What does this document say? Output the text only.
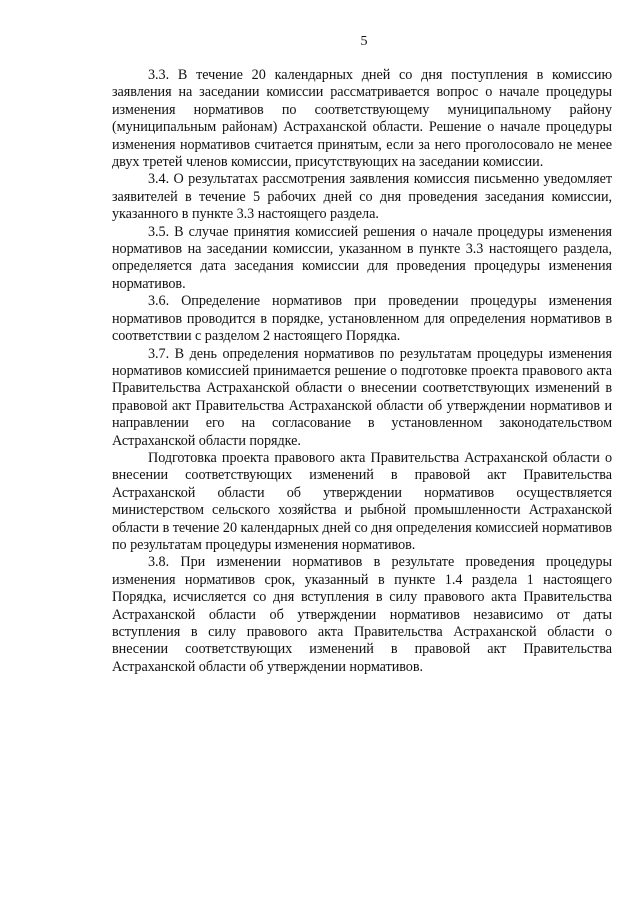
5

3.3. В течение 20 календарных дней со дня поступления в комиссию заявления на заседании комиссии рассматривается вопрос о начале процедуры изменения нормативов по соответствующему муниципальному району (муниципальным районам) Астраханской области. Решение о начале процедуры изменения нормативов считается принятым, если за него проголосовало не менее двух третей членов комиссии, присутствующих на заседании комиссии.

3.4. О результатах рассмотрения заявления комиссия письменно уведомляет заявителей в течение 5 рабочих дней со дня проведения заседания комиссии, указанного в пункте 3.3 настоящего раздела.

3.5. В случае принятия комиссией решения о начале процедуры изменения нормативов на заседании комиссии, указанном в пункте 3.3 настоящего раздела, определяется дата заседания комиссии для проведения процедуры изменения нормативов.

3.6. Определение нормативов при проведении процедуры изменения нормативов проводится в порядке, установленном для определения нормативов в соответствии с разделом 2 настоящего Порядка.

3.7. В день определения нормативов по результатам процедуры изменения нормативов комиссией принимается решение о подготовке проекта правового акта Правительства Астраханской области о внесении соответствующих изменений в правовой акт Правительства Астраханской области об утверждении нормативов и направлении его на согласование в установленном законодательством Астраханской области порядке.

Подготовка проекта правового акта Правительства Астраханской области о внесении соответствующих изменений в правовой акт Правительства Астраханской области об утверждении нормативов осуществляется министерством сельского хозяйства и рыбной промышленности Астраханской области в течение 20 календарных дней со дня определения комиссией нормативов по результатам процедуры изменения нормативов.

3.8. При изменении нормативов в результате проведения процедуры изменения нормативов срок, указанный в пункте 1.4 раздела 1 настоящего Порядка, исчисляется со дня вступления в силу правового акта Правительства Астраханской области об утверждении нормативов независимо от даты вступления в силу правового акта Правительства Астраханской области о внесении соответствующих изменений в правовой акт Правительства Астраханской области об утверждении нормативов.
